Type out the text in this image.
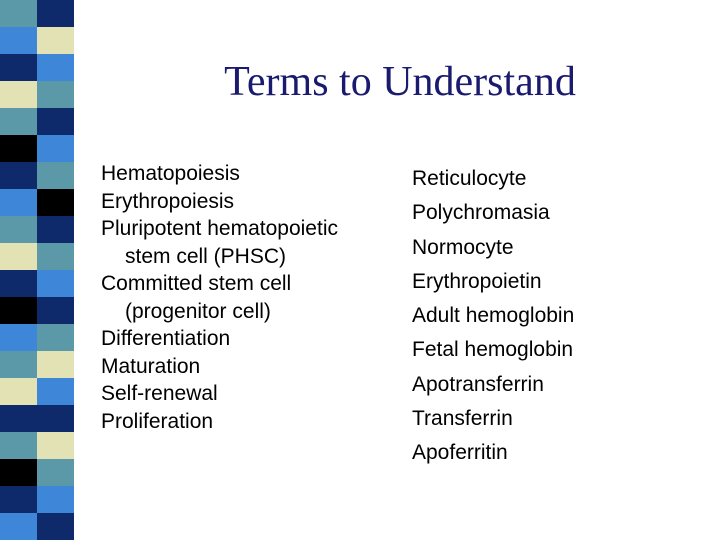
Terms to Understand
Hematopoiesis
Erythropoiesis
Pluripotent hematopoietic
stem cell (PHSC)
Committed stem cell
(progenitor cell)
Differentiation
Maturation
Self-renewal
Proliferation
Reticulocyte
Polychromasia
Normocyte
Erythropoietin
Adult hemoglobin
Fetal hemoglobin
Apotransferrin
Transferrin
Apoferritin
